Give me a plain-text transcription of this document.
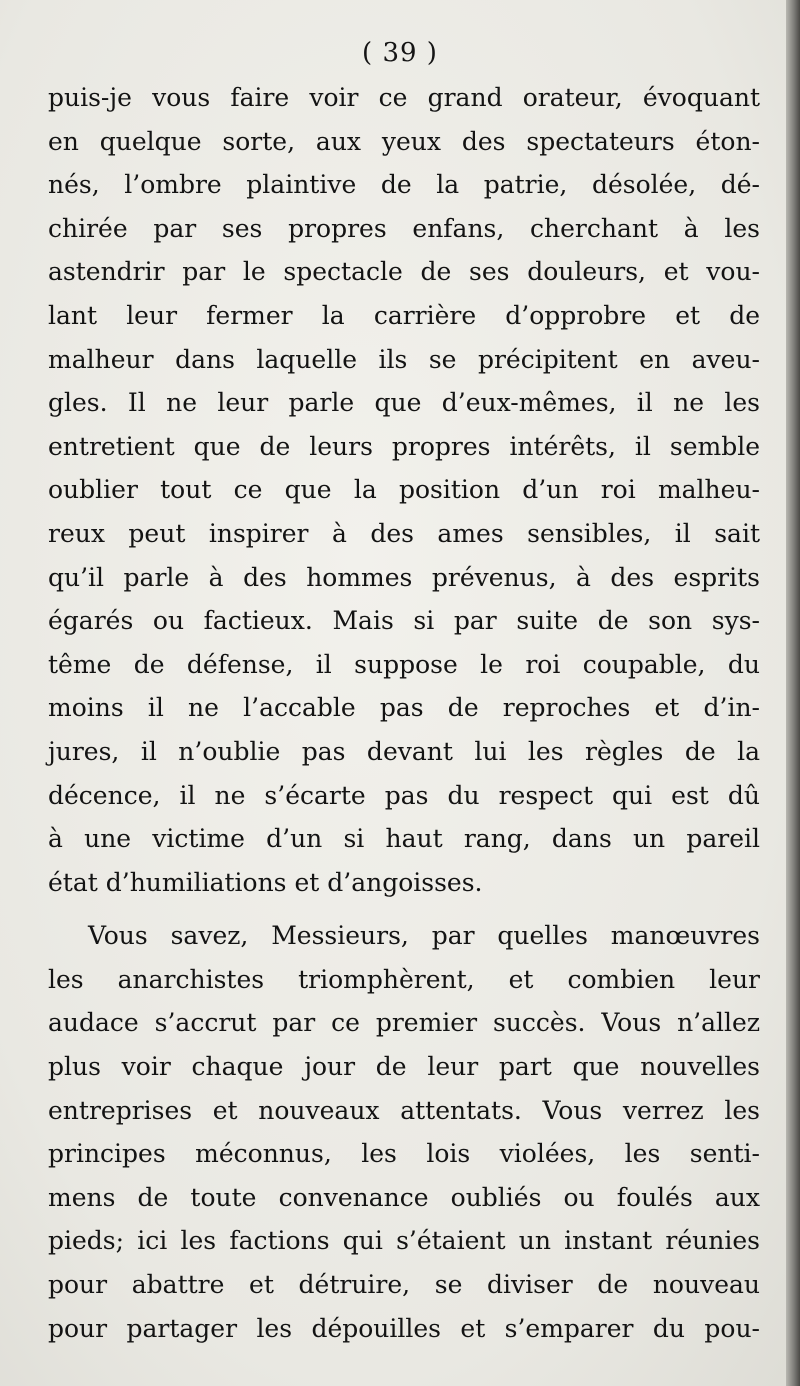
( 39 )
puis-je vous faire voir ce grand orateur, évoquant
en quelque sorte, aux yeux des spectateurs éton-
nés, l’ombre plaintive de la patrie, désolée, dé-
chirée par ses propres enfans, cherchant à les
astendrir par le spectacle de ses douleurs, et vou-
lant leur fermer la carrière d’opprobre et de
malheur dans laquelle ils se précipitent en aveu-
gles. Il ne leur parle que d’eux-mêmes, il ne les
entretient que de leurs propres intérêts, il semble
oublier tout ce que la position d’un roi malheu-
reux peut inspirer à des ames sensibles, il sait
qu’il parle à des hommes prévenus, à des esprits
égarés ou factieux. Mais si par suite de son sys-
tême de défense, il suppose le roi coupable, du
moins il ne l’accable pas de reproches et d’in-
jures, il n’oublie pas devant lui les règles de la
décence, il ne s’écarte pas du respect qui est dû
à une victime d’un si haut rang, dans un pareil
état d’humiliations et d’angoisses.
Vous savez, Messieurs, par quelles manœuvres
les anarchistes triomphèrent, et combien leur
audace s’accrut par ce premier succès. Vous n’allez
plus voir chaque jour de leur part que nouvelles
entreprises et nouveaux attentats. Vous verrez les
principes méconnus, les lois violées, les senti-
mens de toute convenance oubliés ou foulés aux
pieds; ici les factions qui s’étaient un instant réunies
pour abattre et détruire, se diviser de nouveau
pour partager les dépouilles et s’emparer du pou-
